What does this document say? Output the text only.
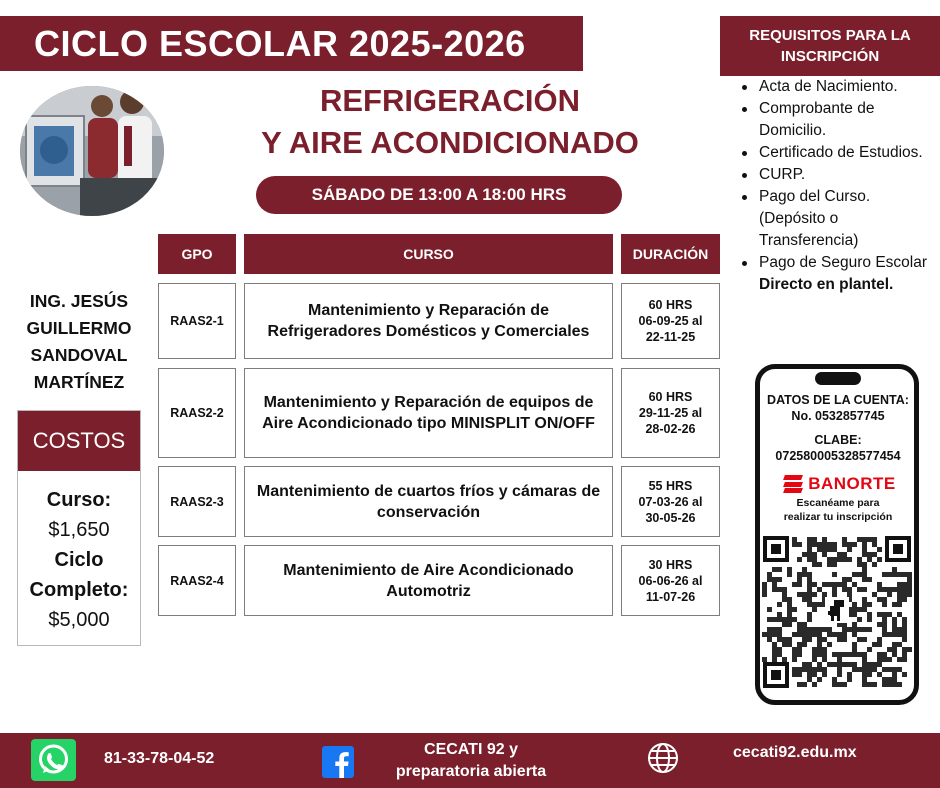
CICLO ESCOLAR 2025-2026
REFRIGERACIÓN
Y AIRE ACONDICIONADO
SÁBADO DE 13:00 A 18:00 HRS
REQUISITOS PARA LA INSCRIPCIÓN
Acta de Nacimiento.
Comprobante de Domicilio.
Certificado de Estudios.
CURP.
Pago del Curso. (Depósito o Transferencia)
Pago de Seguro Escolar Directo en plantel.
ING. JESÚS
GUILLERMO
SANDOVAL
MARTÍNEZ
COSTOS
Curso:
$1,650
Ciclo
Completo:
$5,000
GPO	CURSO	DURACIÓN
RAAS2-1
Mantenimiento y Reparación de Refrigeradores Domésticos y Comerciales
60 HRS
06-09-25 al
22-11-25
RAAS2-2
Mantenimiento y Reparación de equipos de Aire Acondicionado tipo MINISPLIT ON/OFF
60 HRS
29-11-25 al
28-02-26
RAAS2-3
Mantenimiento de cuartos fríos y cámaras de conservación
55 HRS
07-03-26 al
30-05-26
RAAS2-4
Mantenimiento de Aire Acondicionado Automotriz
30 HRS
06-06-26 al
11-07-26
DATOS DE LA CUENTA:
No. 0532857745
CLABE:
072580005328577454
BANORTE
Escanéame para
realizar tu inscripción
81-33-78-04-52
CECATI 92 y
preparatoria abierta
cecati92.edu.mx
